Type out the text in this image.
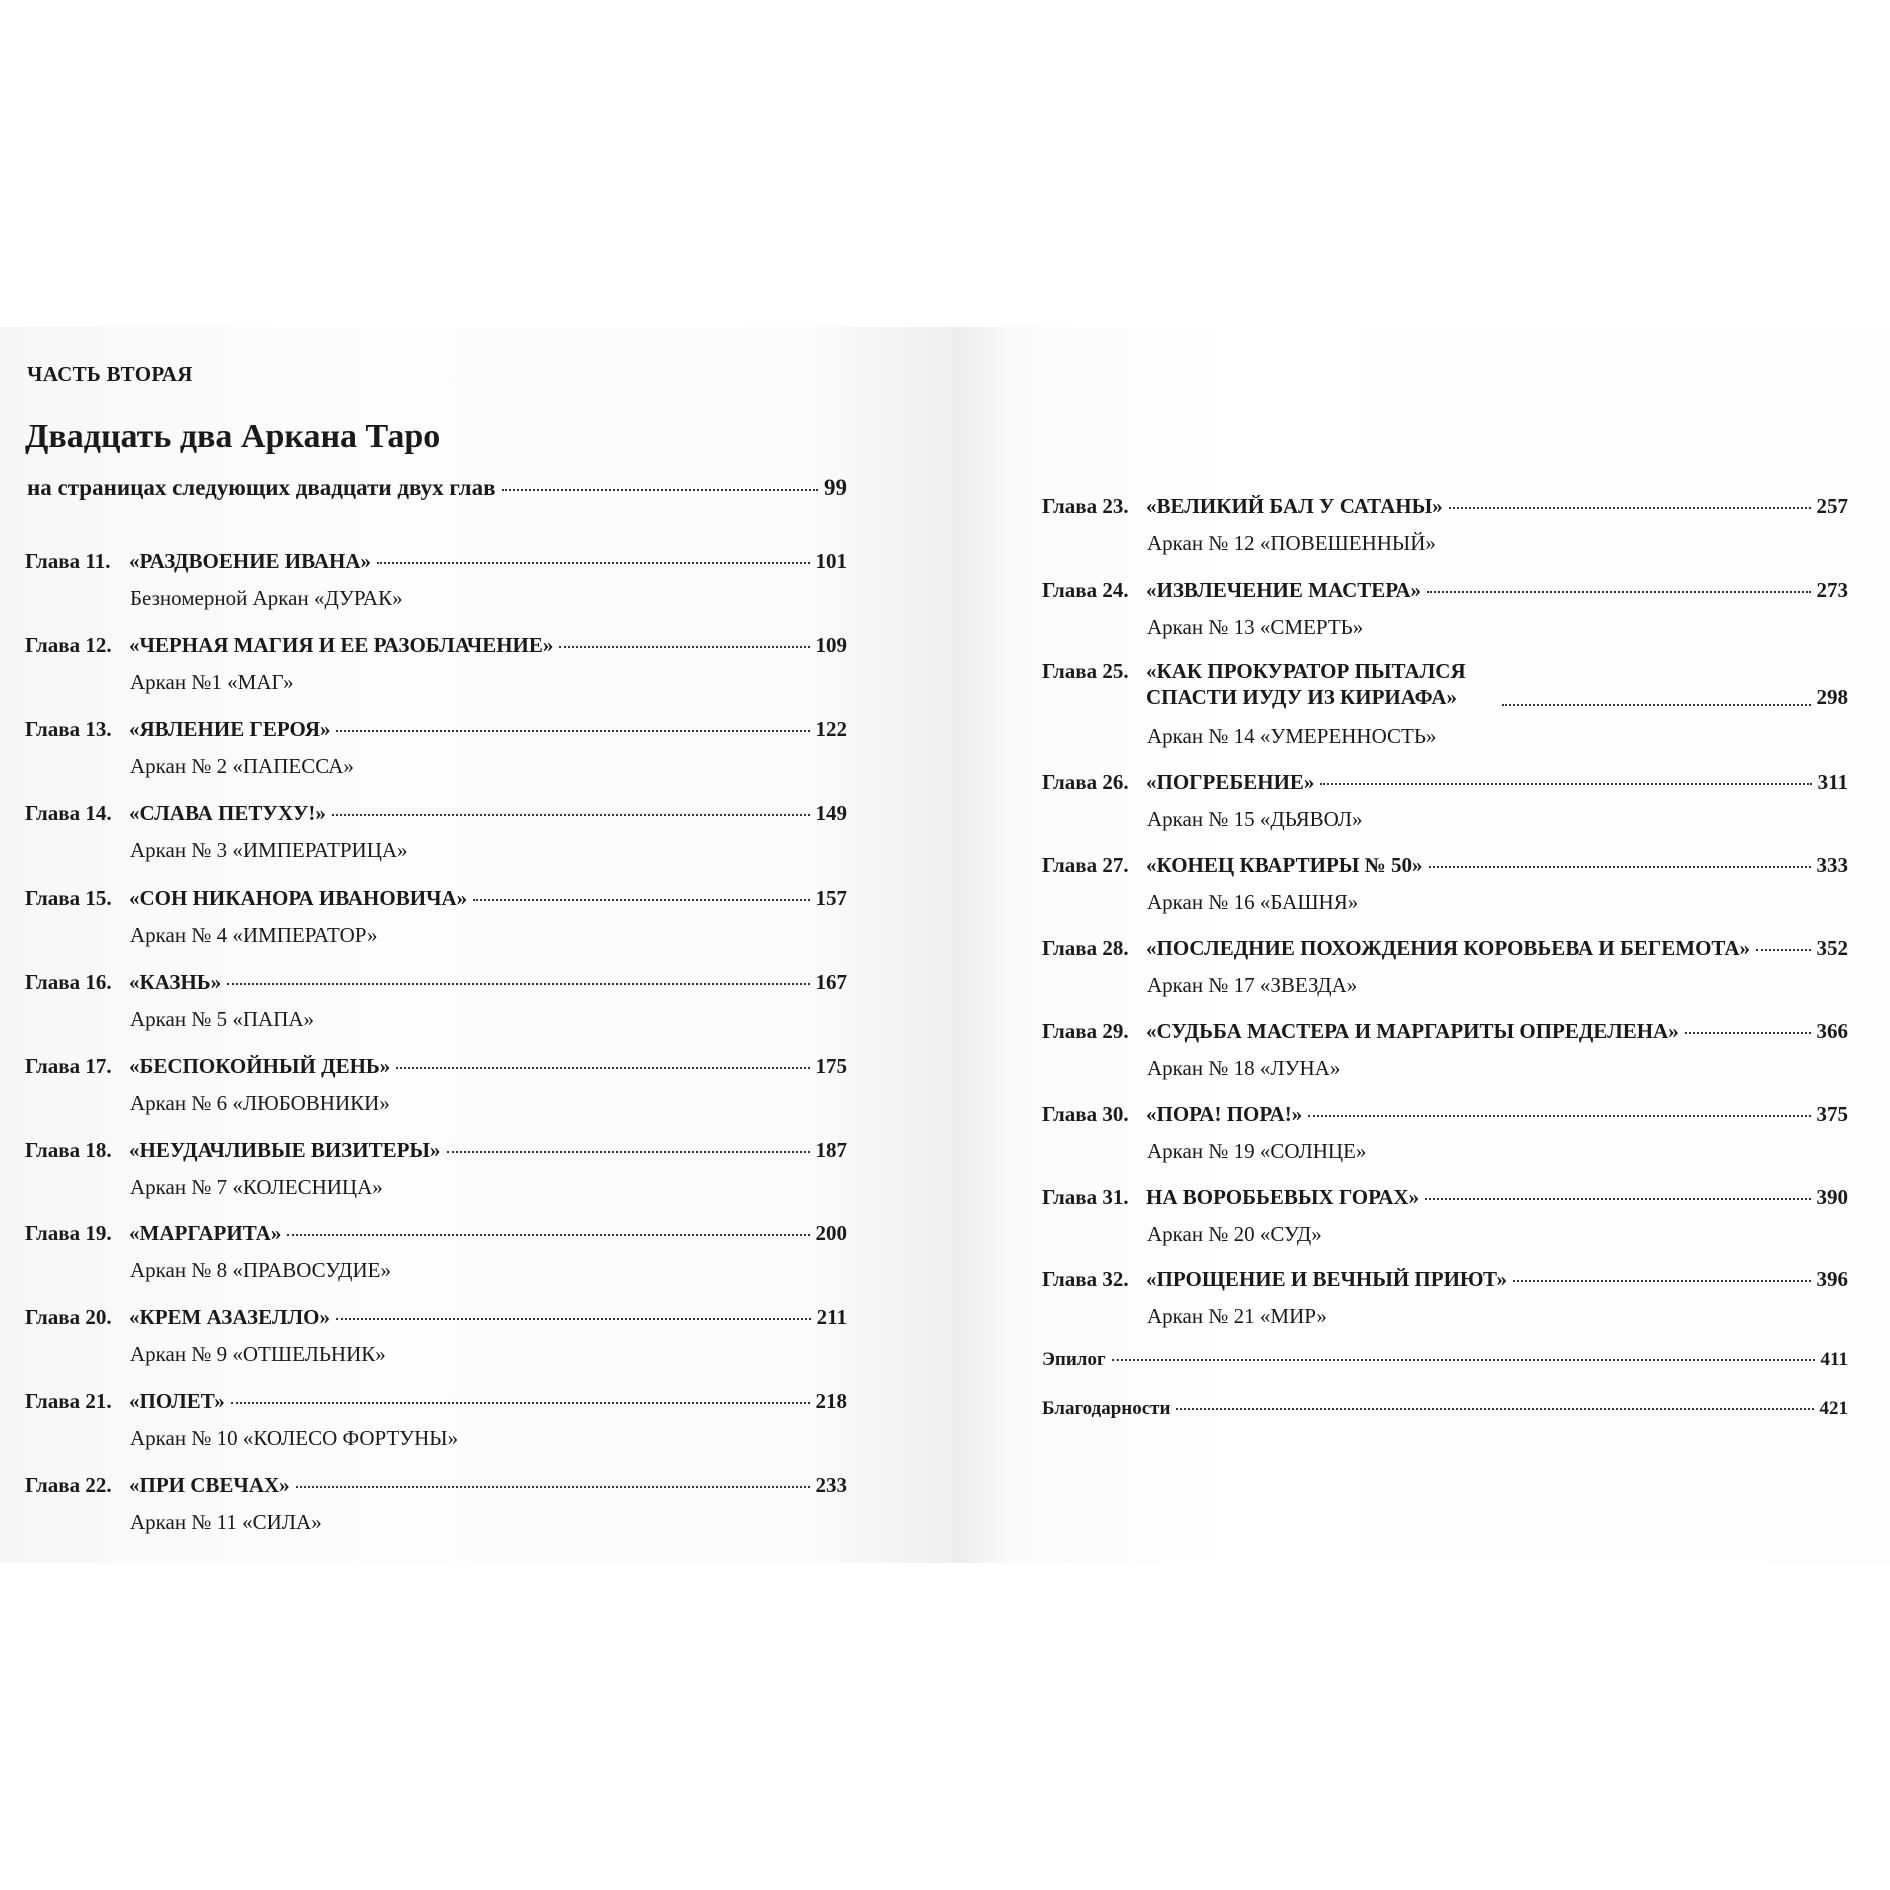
ЧАСТЬ ВТОРАЯ
Двадцать два Аркана Таро
на страницах следующих двадцати двух глав	99
Глава 11. «РАЗДВОЕНИЕ ИВАНА»	101
Безномерной Аркан «ДУРАК»
Глава 12. «ЧЕРНАЯ МАГИЯ И ЕЕ РАЗОБЛАЧЕНИЕ»	109
Аркан №1 «МАГ»
Глава 13. «ЯВЛЕНИЕ ГЕРОЯ»	122
Аркан № 2 «ПАПЕССА»
Глава 14. «СЛАВА ПЕТУХУ!»	149
Аркан № 3 «ИМПЕРАТРИЦА»
Глава 15. «СОН НИКАНОРА ИВАНОВИЧА»	157
Аркан № 4 «ИМПЕРАТОР»
Глава 16. «КАЗНЬ»	167
Аркан № 5 «ПАПА»
Глава 17. «БЕСПОКОЙНЫЙ ДЕНЬ»	175
Аркан № 6 «ЛЮБОВНИКИ»
Глава 18. «НЕУДАЧЛИВЫЕ ВИЗИТЕРЫ»	187
Аркан № 7 «КОЛЕСНИЦА»
Глава 19. «МАРГАРИТА»	200
Аркан № 8 «ПРАВОСУДИЕ»
Глава 20. «КРЕМ АЗАЗЕЛЛО»	211
Аркан № 9 «ОТШЕЛЬНИК»
Глава 21. «ПОЛЕТ»	218
Аркан № 10 «КОЛЕСО ФОРТУНЫ»
Глава 22. «ПРИ СВЕЧАХ»	233
Аркан № 11 «СИЛА»
Глава 23. «ВЕЛИКИЙ БАЛ У САТАНЫ»	257
Аркан № 12 «ПОВЕШЕННЫЙ»
Глава 24. «ИЗВЛЕЧЕНИЕ МАСТЕРА»	273
Аркан № 13 «СМЕРТЬ»
Глава 25. «КАК ПРОКУРАТОР ПЫТАЛСЯ СПАСТИ ИУДУ ИЗ КИРИАФА»	298
Аркан № 14 «УМЕРЕННОСТЬ»
Глава 26. «ПОГРЕБЕНИЕ»	311
Аркан № 15 «ДЬЯВОЛ»
Глава 27. «КОНЕЦ КВАРТИРЫ № 50»	333
Аркан № 16 «БАШНЯ»
Глава 28. «ПОСЛЕДНИЕ ПОХОЖДЕНИЯ КОРОВЬЕВА И БЕГЕМОТА»	352
Аркан № 17 «ЗВЕЗДА»
Глава 29. «СУДЬБА МАСТЕРА И МАРГАРИТЫ ОПРЕДЕЛЕНА»	366
Аркан № 18 «ЛУНА»
Глава 30. «ПОРА! ПОРА!»	375
Аркан № 19 «СОЛНЦЕ»
Глава 31. НА ВОРОБЬЕВЫХ ГОРАХ»	390
Аркан № 20 «СУД»
Глава 32. «ПРОЩЕНИЕ И ВЕЧНЫЙ ПРИЮТ»	396
Аркан № 21 «МИР»
Эпилог	411
Благодарности	421
